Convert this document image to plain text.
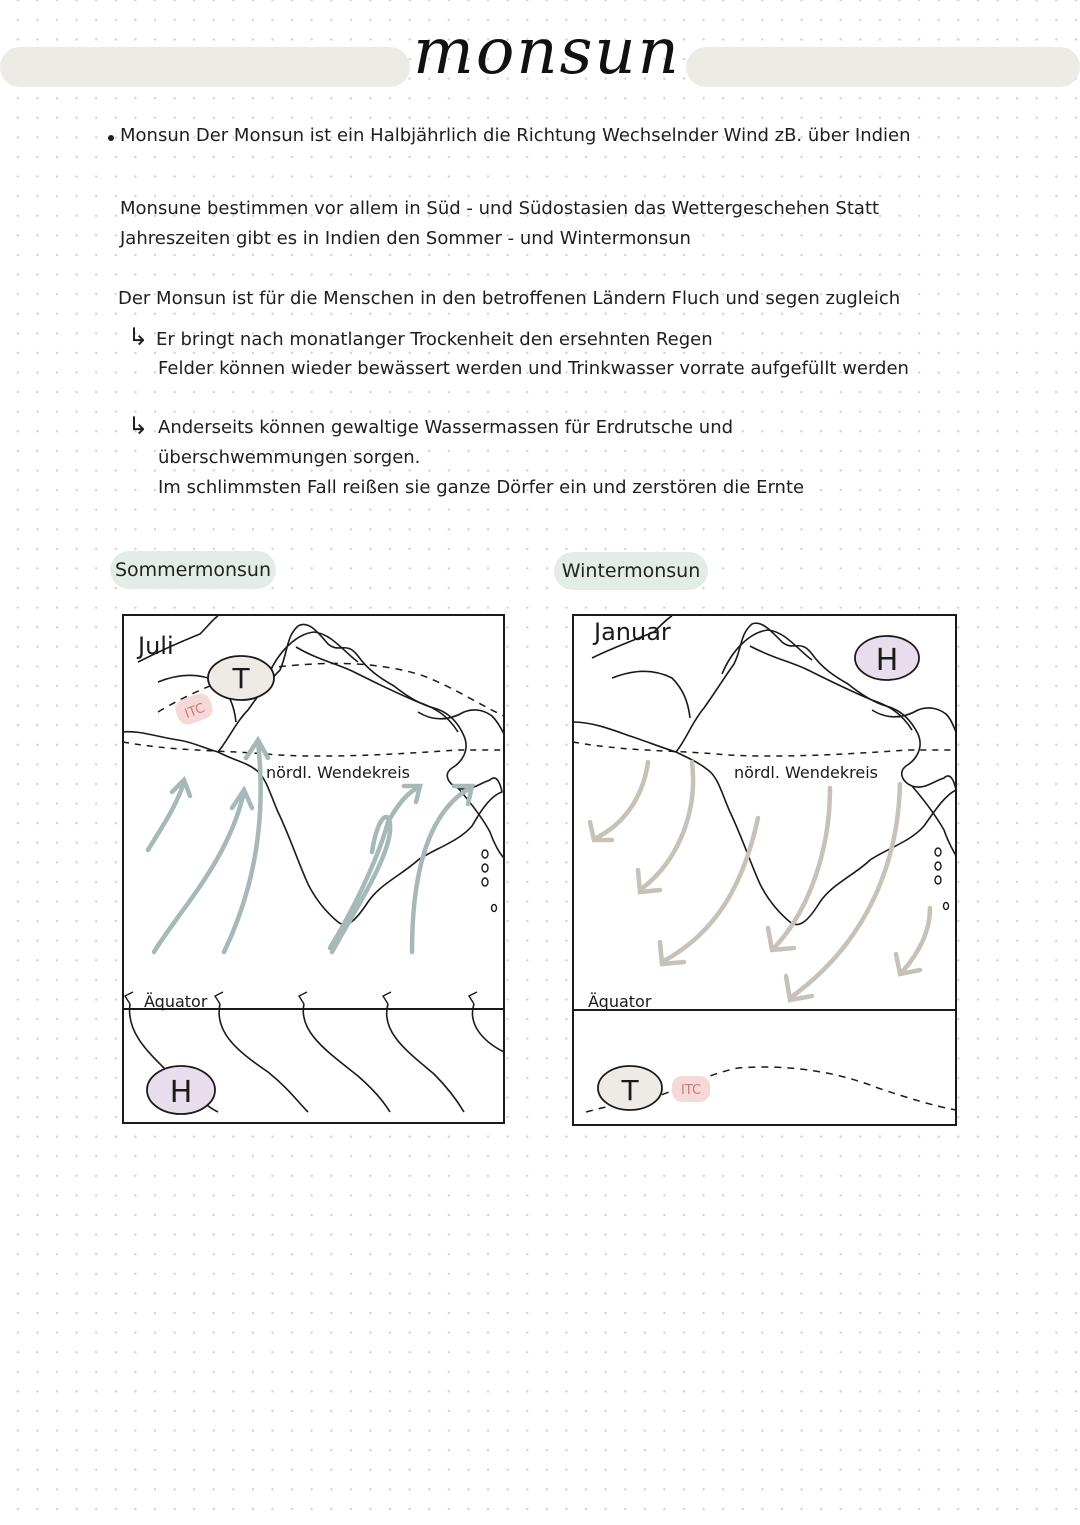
monsun
Monsun Der Monsun ist ein Halbjährlich die Richtung Wechselnder Wind zB. über Indien
Monsune bestimmen vor allem in Süd - und Südostasien das Wettergeschehen Statt
Jahreszeiten gibt es in Indien den Sommer - und Wintermonsun
Der Monsun ist für die Menschen in den betroffenen Ländern Fluch und segen zugleich
↳ Er bringt nach monatlanger Trockenheit den ersehnten Regen
Felder können wieder bewässert werden und Trinkwasser vorrate aufgefüllt werden
↳ Anderseits können gewaltige Wassermassen für Erdrutsche und
überschwemmungen sorgen.
Im schlimmsten Fall reißen sie ganze Dörfer ein und zerstören die Ernte
Sommermonsun	Wintermonsun
Juli
T
ITC
nördl. Wendekreis
Äquator
H
Januar
H
nördl. Wendekreis
Äquator
T	ITC
